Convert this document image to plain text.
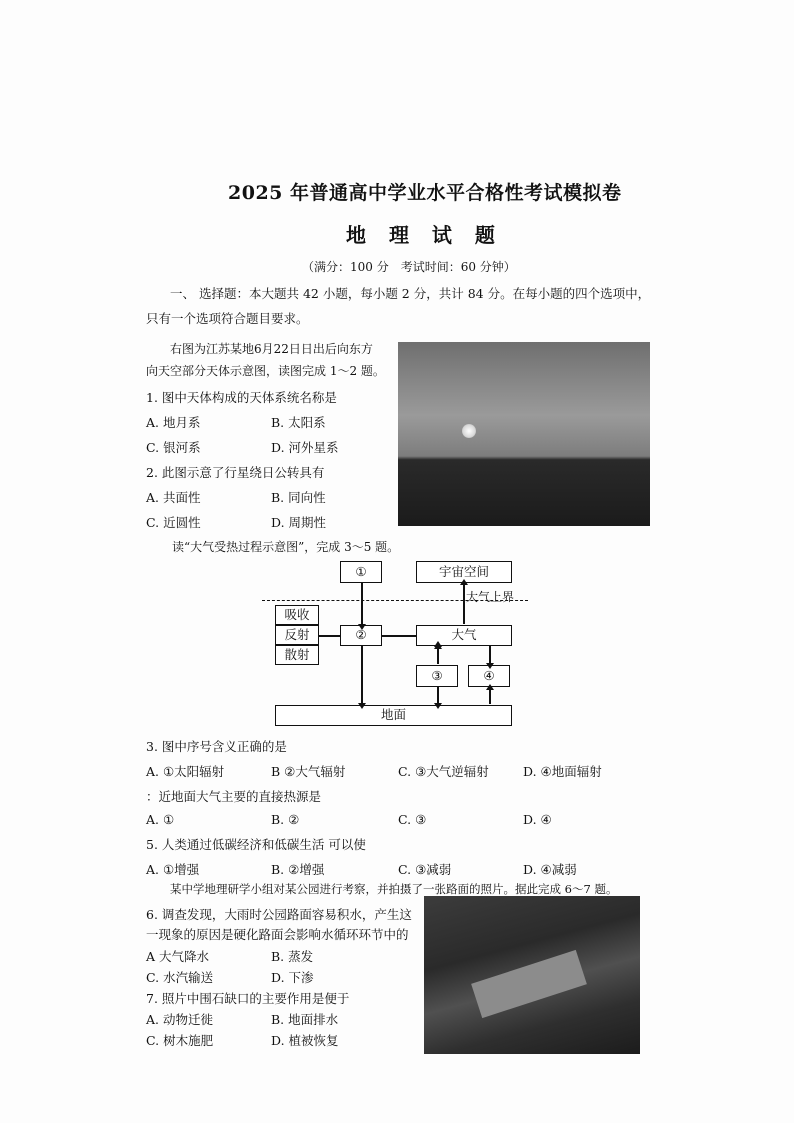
2025 年普通高中学业水平合格性考试模拟卷
地 理 试 题
（满分：100 分　考试时间：60 分钟）
一、 选择题：本大题共 42 小题，每小题 2 分，共计 84 分。在每小题的四个选项中，
只有一个选项符合题目要求。
右图为江苏某地6月22日日出后向东方
向天空部分天体示意图，读图完成 1～2 题。
1. 图中天体构成的天体系统名称是
A. 地月系	B. 太阳系
C. 银河系	D. 河外星系
2. 此图示意了行星绕日公转具有
A. 共面性	B. 同向性
C. 近圆性	D. 周期性
读“大气受热过程示意图”，完成 3～5 题。
①	宇宙空间
大气上界
吸收
反射
散射
②	大气
③	④
地面
3. 图中序号含义正确的是
A. ①太阳辐射	B ②大气辐射	C. ③大气逆辐射	D. ④地面辐射
：近地面大气主要的直接热源是
A. ①	B. ②	C. ③	D. ④
5. 人类通过低碳经济和低碳生活 可以使
A. ①增强	B. ②增强	C. ③减弱	D. ④减弱
某中学地理研学小组对某公园进行考察，并拍摄了一张路面的照片。据此完成 6～7 题。
6. 调查发现，大雨时公园路面容易积水，产生这
一现象的原因是硬化路面会影响水循环环节中的
A 大气降水	B. 蒸发
C. 水汽输送	D. 下渗
7. 照片中围石缺口的主要作用是便于
A. 动物迁徙	B. 地面排水
C. 树木施肥	D. 植被恢复
